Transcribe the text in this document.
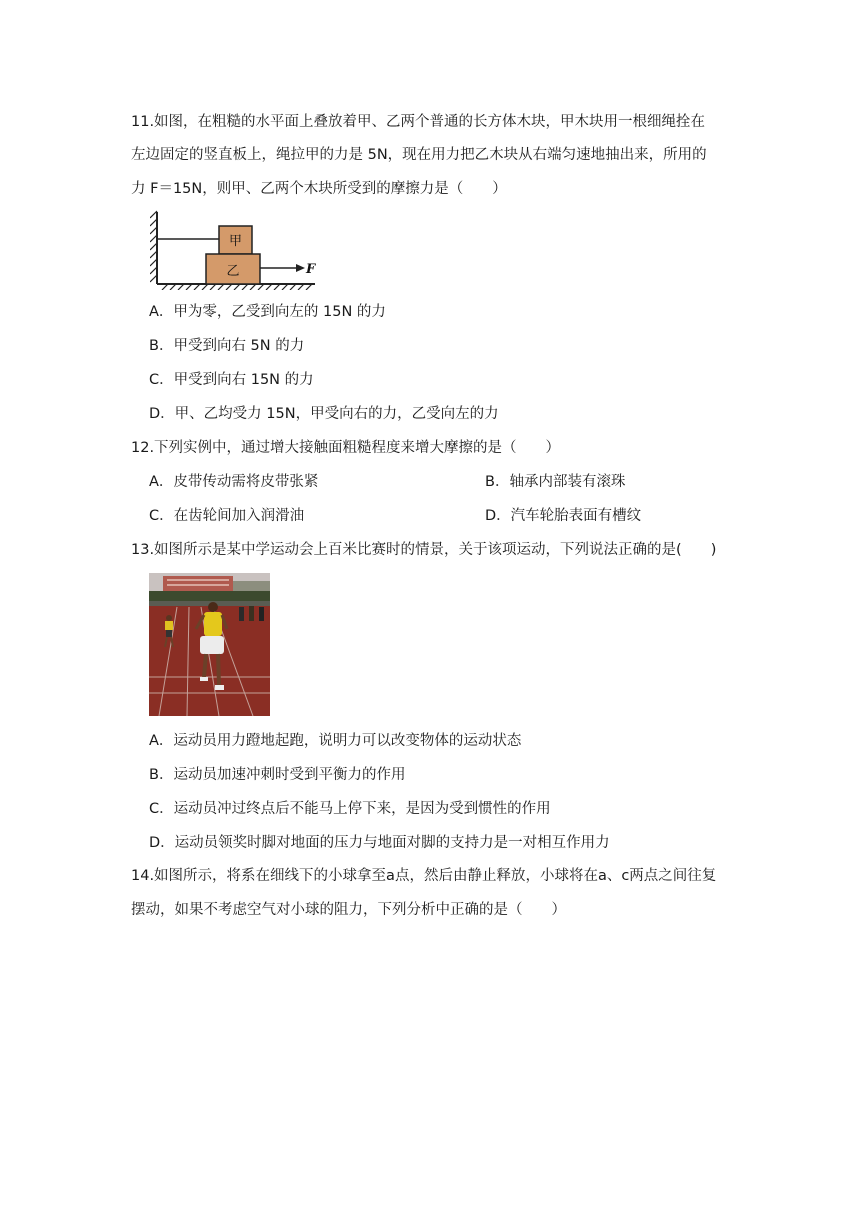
11.如图，在粗糙的水平面上叠放着甲、乙两个普通的长方体木块，甲木块用一根细绳拴在
左边固定的竖直板上，绳拉甲的力是 5N，现在用力把乙木块从右端匀速地抽出来，所用的
力 F＝15N，则甲、乙两个木块所受到的摩擦力是（　　）
甲
乙	F
A．甲为零，乙受到向左的 15N 的力
B．甲受到向右 5N 的力
C．甲受到向右 15N 的力
D．甲、乙均受力 15N，甲受向右的力，乙受向左的力
12.下列实例中，通过增大接触面粗糙程度来增大摩擦的是（　　）
A．皮带传动需将皮带张紧	B．轴承内部装有滚珠
C．在齿轮间加入润滑油	D．汽车轮胎表面有槽纹
13.如图所示是某中学运动会上百米比赛时的情景，关于该项运动，下列说法正确的是(　　)
A．运动员用力蹬地起跑，说明力可以改变物体的运动状态
B．运动员加速冲刺时受到平衡力的作用
C．运动员冲过终点后不能马上停下来，是因为受到惯性的作用
D．运动员领奖时脚对地面的压力与地面对脚的支持力是一对相互作用力
14.如图所示，将系在细线下的小球拿至a点，然后由静止释放，小球将在a、c两点之间往复
摆动，如果不考虑空气对小球的阻力，下列分析中正确的是（　　）
